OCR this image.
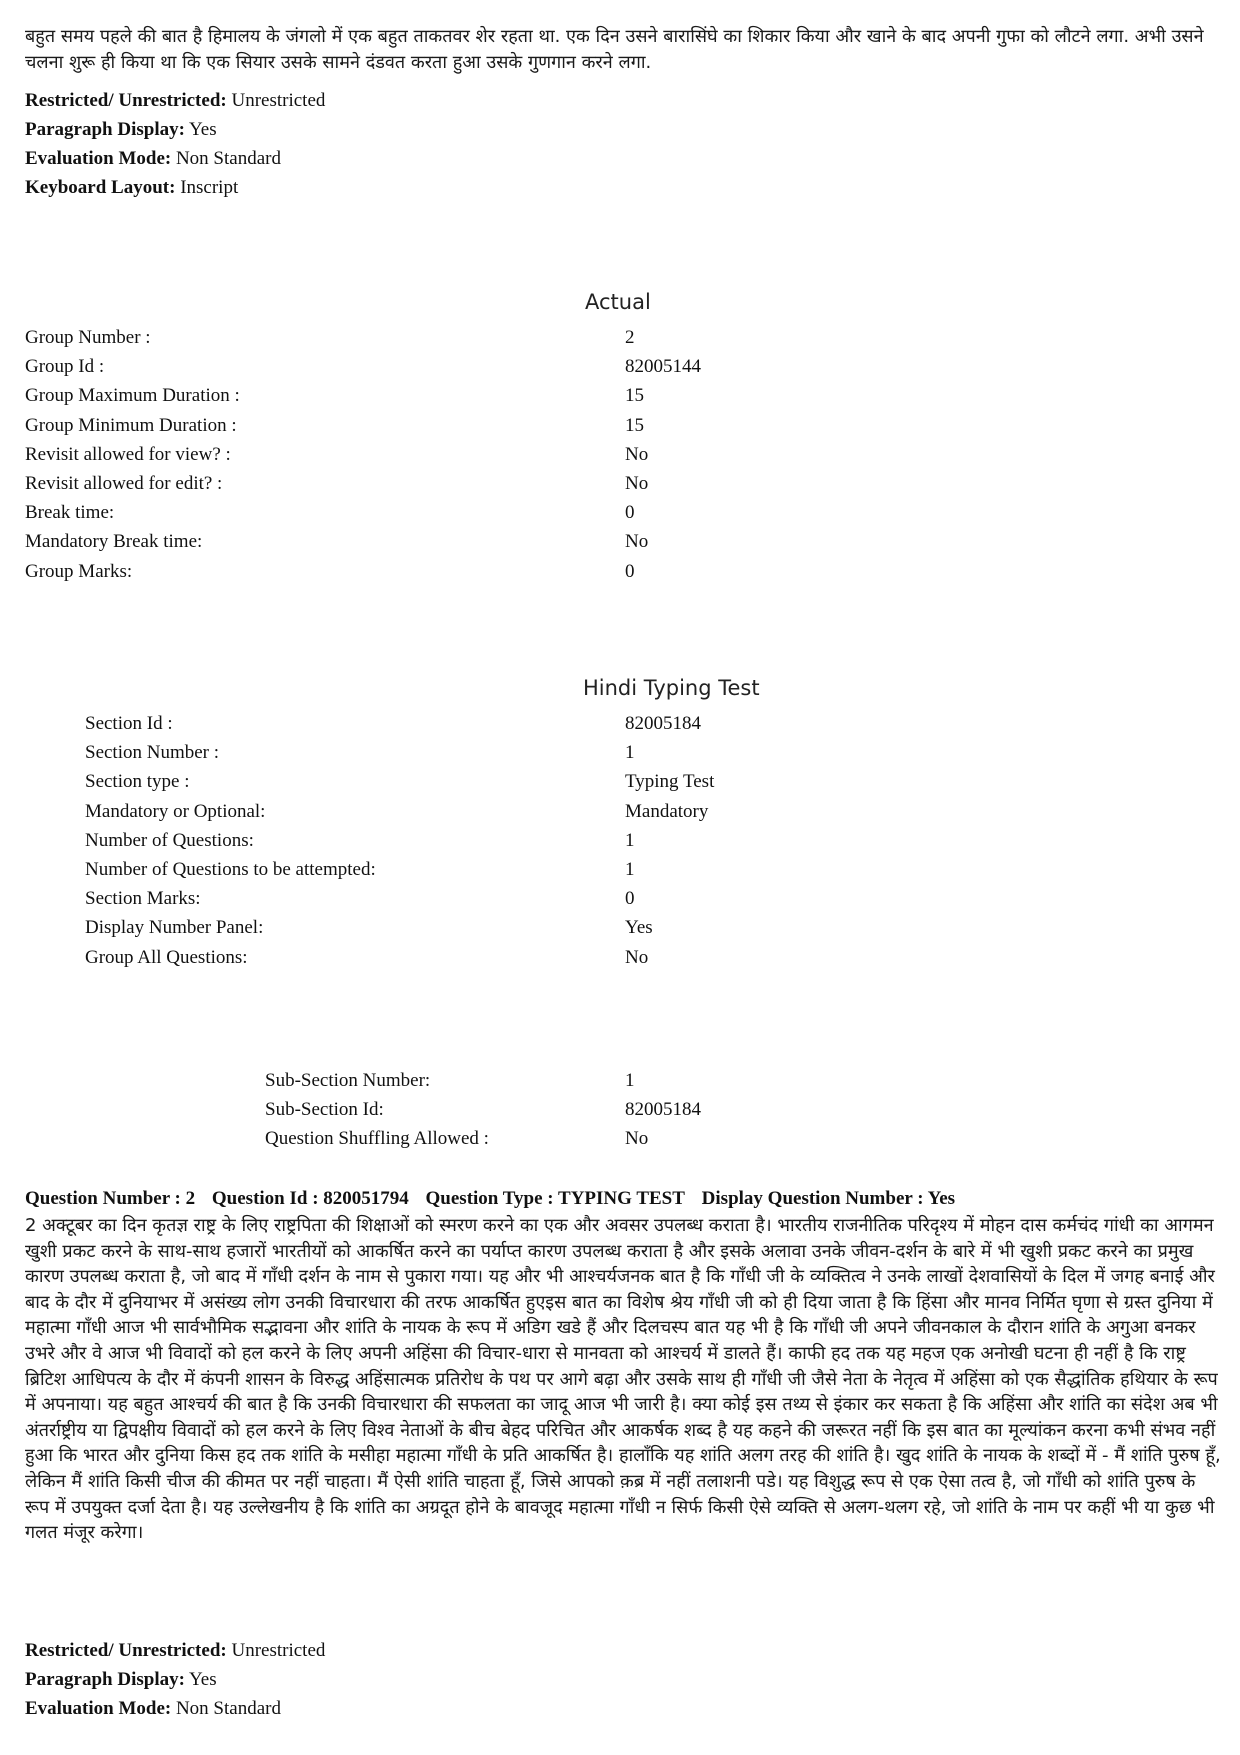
बहुत समय पहले की बात है हिमालय के जंगलो में एक बहुत ताकतवर शेर रहता था. एक दिन उसने बारासिंघे का शिकार किया और खाने के बाद अपनी गुफा को लौटने लगा. अभी उसने चलना शुरू ही किया था कि एक सियार उसके सामने दंडवत करता हुआ उसके गुणगान करने लगा.
Restricted/ Unrestricted: Unrestricted
Paragraph Display: Yes
Evaluation Mode: Non Standard
Keyboard Layout: Inscript
Actual
Group Number :	2
Group Id :	82005144
Group Maximum Duration :	15
Group Minimum Duration :	15
Revisit allowed for view? :	No
Revisit allowed for edit? :	No
Break time:	0
Mandatory Break time:	No
Group Marks:	0
Hindi Typing Test
Section Id :	82005184
Section Number :	1
Section type :	Typing Test
Mandatory or Optional:	Mandatory
Number of Questions:	1
Number of Questions to be attempted:	1
Section Marks:	0
Display Number Panel:	Yes
Group All Questions:	No
Sub-Section Number:	1
Sub-Section Id:	82005184
Question Shuffling Allowed :	No
Question Number : 2 Question Id : 820051794 Question Type : TYPING TEST Display Question Number : Yes
2 अक्टूबर का दिन कृतज्ञ राष्ट्र के लिए राष्ट्रपिता की शिक्षाओं को स्मरण करने का एक और अवसर उपलब्ध कराता है। भारतीय राजनीतिक परिदृश्य में मोहन दास कर्मचंद गांधी का आगमन खुशी प्रकट करने के साथ-साथ हजारों भारतीयों को आकर्षित करने का पर्याप्त कारण उपलब्ध कराता है और इसके अलावा उनके जीवन-दर्शन के बारे में भी खुशी प्रकट करने का प्रमुख कारण उपलब्ध कराता है, जो बाद में गाँधी दर्शन के नाम से पुकारा गया। यह और भी आश्चर्यजनक बात है कि गाँधी जी के व्यक्तित्व ने उनके लाखों देशवासियों के दिल में जगह बनाई और बाद के दौर में दुनियाभर में असंख्य लोग उनकी विचारधारा की तरफ आकर्षित हुएइस बात का विशेष श्रेय गाँधी जी को ही दिया जाता है कि हिंसा और मानव निर्मित घृणा से ग्रस्त दुनिया में महात्मा गाँधी आज भी सार्वभौमिक सद्भावना और शांति के नायक के रूप में अडिग खडे हैं और दिलचस्प बात यह भी है कि गाँधी जी अपने जीवनकाल के दौरान शांति के अगुआ बनकर उभरे और वे आज भी विवादों को हल करने के लिए अपनी अहिंसा की विचार-धारा से मानवता को आश्चर्य में डालते हैं। काफी हद तक यह महज एक अनोखी घटना ही नहीं है कि राष्ट्र ब्रिटिश आधिपत्य के दौर में कंपनी शासन के विरुद्ध अहिंसात्मक प्रतिरोध के पथ पर आगे बढ़ा और उसके साथ ही गाँधी जी जैसे नेता के नेतृत्व में अहिंसा को एक सैद्धांतिक हथियार के रूप में अपनाया। यह बहुत आश्चर्य की बात है कि उनकी विचारधारा की सफलता का जादू आज भी जारी है। क्या कोई इस तथ्य से इंकार कर सकता है कि अहिंसा और शांति का संदेश अब भी अंतर्राष्ट्रीय या द्विपक्षीय विवादों को हल करने के लिए विश्व नेताओं के बीच बेहद परिचित और आकर्षक शब्द है यह कहने की जरूरत नहीं कि इस बात का मूल्यांकन करना कभी संभव नहीं हुआ कि भारत और दुनिया किस हद तक शांति के मसीहा महात्मा गाँधी के प्रति आकर्षित है। हालाँकि यह शांति अलग तरह की शांति है। खुद शांति के नायक के शब्दों में - मैं शांति पुरुष हूँ, लेकिन मैं शांति किसी चीज की कीमत पर नहीं चाहता। मैं ऐसी शांति चाहता हूँ, जिसे आपको क़ब्र में नहीं तलाशनी पडे। यह विशुद्ध रूप से एक ऐसा तत्व है, जो गाँधी को शांति पुरुष के रूप में उपयुक्त दर्जा देता है। यह उल्लेखनीय है कि शांति का अग्रदूत होने के बावजूद महात्मा गाँधी न सिर्फ किसी ऐसे व्यक्ति से अलग-थलग रहे, जो शांति के नाम पर कहीं भी या कुछ भी गलत मंजूर करेगा।
Restricted/ Unrestricted: Unrestricted
Paragraph Display: Yes
Evaluation Mode: Non Standard
